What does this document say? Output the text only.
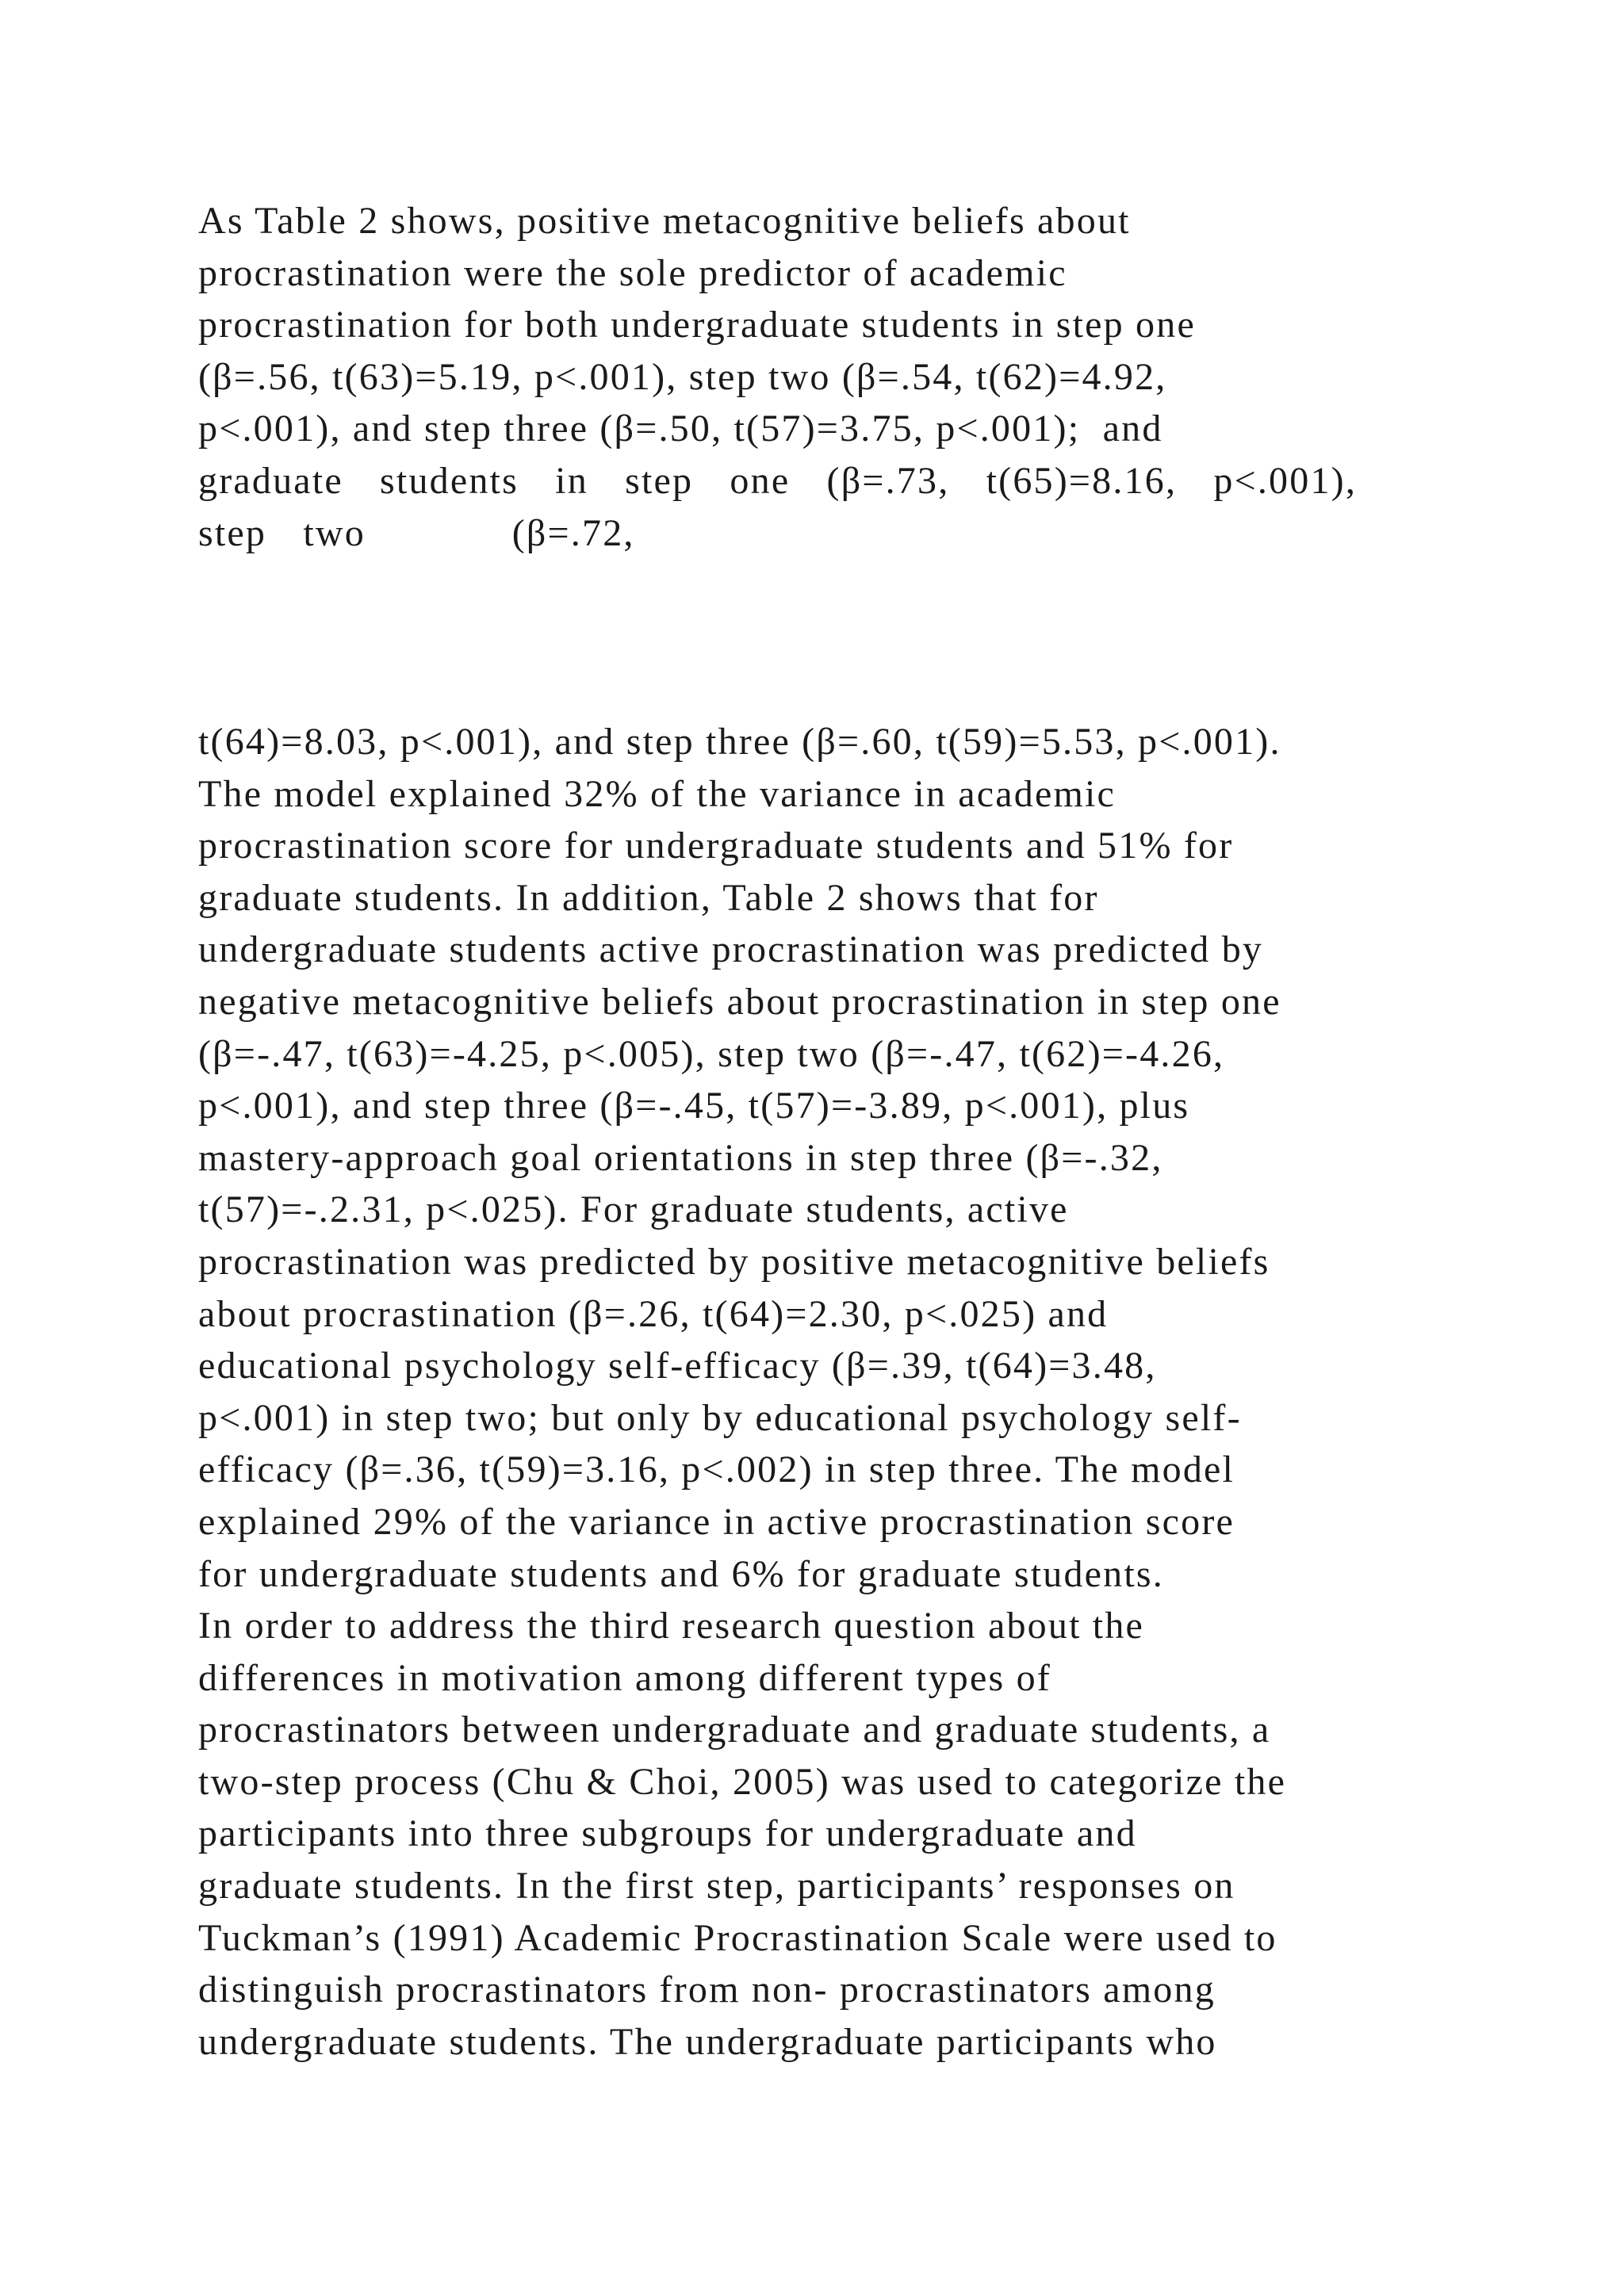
As Table 2 shows, positive metacognitive beliefs about
procrastination were the sole predictor of academic
procrastination for both undergraduate students in step one
(β=.56, t(63)=5.19, p<.001), step two (β=.54, t(62)=4.92,
p<.001), and step three (β=.50, t(57)=3.75, p<.001);  and
graduate students in step one (β=.73, t(65)=8.16, p<.001),
step two    (β=.72,
t(64)=8.03, p<.001), and step three (β=.60, t(59)=5.53, p<.001).
The model explained 32% of the variance in academic
procrastination score for undergraduate students and 51% for
graduate students. In addition, Table 2 shows that for
undergraduate students active procrastination was predicted by
negative metacognitive beliefs about procrastination in step one
(β=-.47, t(63)=-4.25, p<.005), step two (β=-.47, t(62)=-4.26,
p<.001), and step three (β=-.45, t(57)=-3.89, p<.001), plus
mastery-approach goal orientations in step three (β=-.32,
t(57)=-.2.31, p<.025). For graduate students, active
procrastination was predicted by positive metacognitive beliefs
about procrastination (β=.26, t(64)=2.30, p<.025) and
educational psychology self-efficacy (β=.39, t(64)=3.48,
p<.001) in step two; but only by educational psychology self-
efficacy (β=.36, t(59)=3.16, p<.002) in step three. The model
explained 29% of the variance in active procrastination score
for undergraduate students and 6% for graduate students.
In order to address the third research question about the
differences in motivation among different types of
procrastinators between undergraduate and graduate students, a
two-step process (Chu & Choi, 2005) was used to categorize the
participants into three subgroups for undergraduate and
graduate students. In the first step, participants’ responses on
Tuckman’s (1991) Academic Procrastination Scale were used to
distinguish procrastinators from non- procrastinators among
undergraduate students. The undergraduate participants who
